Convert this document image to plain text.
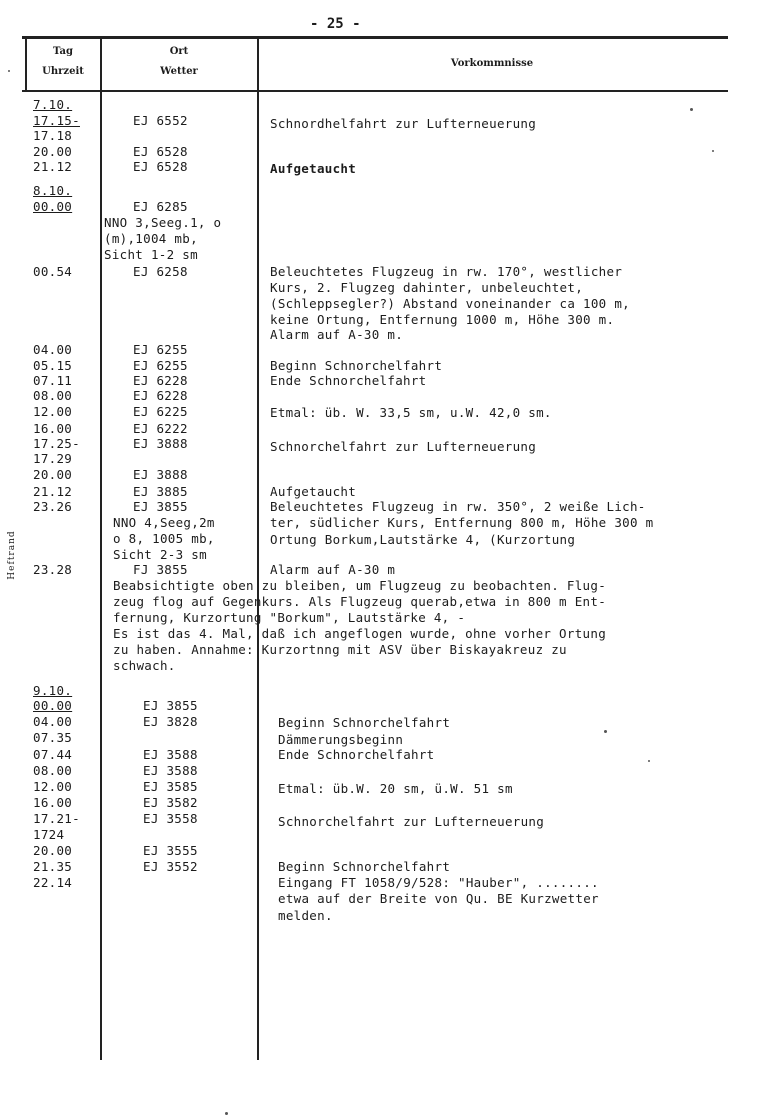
- 25 -
Heftrand
Tag
Uhrzeit
Ort
Wetter
Vorkommnisse
7.10.
17.15-
17.18
20.00
21.12
8.10.
00.00
00.54
04.00
05.15
07.11
08.00
12.00
16.00
17.25-
17.29
20.00
21.12
23.26
23.28
9.10.
00.00
04.00
07.35
07.44
08.00
12.00
16.00
17.21-
1724
20.00
21.35
22.14
EJ 6552
EJ 6528
EJ 6528
EJ 6285
NNO 3,Seeg.1, o
(m),1004 mb,
Sicht 1-2 sm
EJ 6258
EJ 6255
EJ 6255
EJ 6228
EJ 6228
EJ 6225
EJ 6222
EJ 3888
EJ 3888
EJ 3885
EJ 3855
NNO 4,Seeg,2m
o 8, 1005 mb,
Sicht 2-3 sm
FJ 3855
EJ 3855
EJ 3828
EJ 3588
EJ 3588
EJ 3585
EJ 3582
EJ 3558
EJ 3555
EJ 3552
Schnordhelfahrt zur Lufterneuerung
Aufgetaucht
Beleuchtetes Flugzeug in rw. 170°, westlicher
Kurs, 2. Flugzeg dahinter, unbeleuchtet,
(Schleppsegler?) Abstand voneinander ca 100 m,
keine Ortung, Entfernung 1000 m, Höhe 300 m.
Alarm auf A-30 m.
Beginn Schnorchelfahrt
Ende Schnorchelfahrt
Etmal: üb. W. 33,5 sm, u.W. 42,0 sm.
Schnorchelfahrt zur Lufterneuerung
Aufgetaucht
Beleuchtetes Flugzeug in rw. 350°, 2 weiße Lich-
ter, südlicher Kurs, Entfernung 800 m, Höhe 300 m
Ortung Borkum,Lautstärke 4, (Kurzortung
Alarm auf A-30 m
Beginn Schnorchelfahrt
Dämmerungsbeginn
Ende Schnorchelfahrt
Etmal: üb.W. 20 sm, ü.W. 51 sm
Schnorchelfahrt zur Lufterneuerung
Beginn Schnorchelfahrt
Eingang FT 1058/9/528: "Hauber", ........
etwa auf der Breite von Qu. BE Kurzwetter
melden.
Beabsichtigte oben zu bleiben, um Flugzeug zu beobachten. Flug-
zeug flog auf Gegenkurs. Als Flugzeug querab,etwa in 800 m Ent-
fernung, Kurzortung "Borkum", Lautstärke 4, -
Es ist das 4. Mal, daß ich angeflogen wurde, ohne vorher Ortung
zu haben. Annahme: Kurzortnng mit ASV über Biskayakreuz zu
schwach.
